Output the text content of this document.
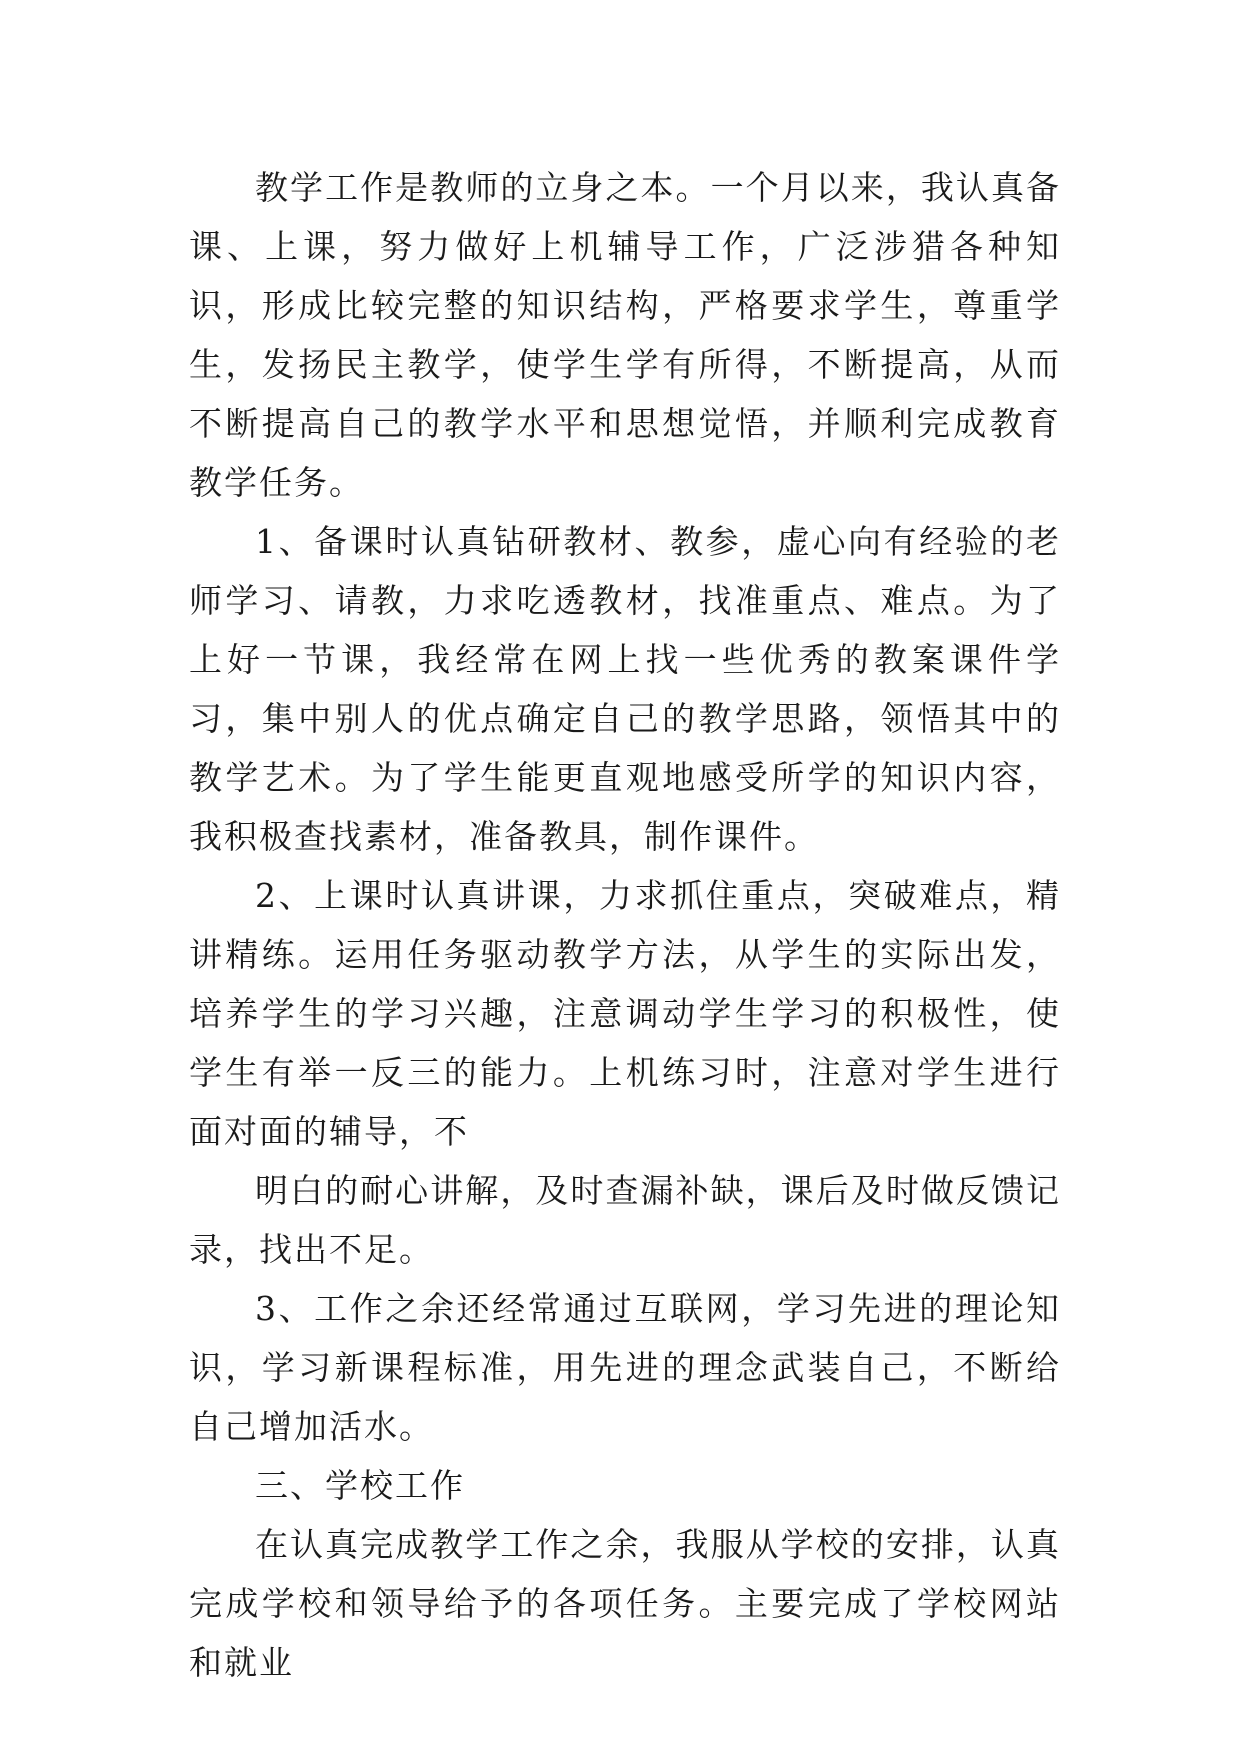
教学工作是教师的立身之本。一个月以来，我认真备课、上课，努力做好上机辅导工作，广泛涉猎各种知识，形成比较完整的知识结构，严格要求学生，尊重学生，发扬民主教学，使学生学有所得，不断提高，从而不断提高自己的教学水平和思想觉悟，并顺利完成教育教学任务。

1、备课时认真钻研教材、教参，虚心向有经验的老师学习、请教，力求吃透教材，找准重点、难点。为了上好一节课，我经常在网上找一些优秀的教案课件学习，集中别人的优点确定自己的教学思路，领悟其中的教学艺术。为了学生能更直观地感受所学的知识内容，我积极查找素材，准备教具，制作课件。

2、上课时认真讲课，力求抓住重点，突破难点，精讲精练。运用任务驱动教学方法，从学生的实际出发，培养学生的学习兴趣，注意调动学生学习的积极性，使学生有举一反三的能力。上机练习时，注意对学生进行面对面的辅导，不

明白的耐心讲解，及时查漏补缺，课后及时做反馈记录，找出不足。

3、工作之余还经常通过互联网，学习先进的理论知识，学习新课程标准，用先进的理念武装自己，不断给自己增加活水。

三、学校工作

在认真完成教学工作之余，我服从学校的安排，认真完成学校和领导给予的各项任务。主要完成了学校网站和就业
